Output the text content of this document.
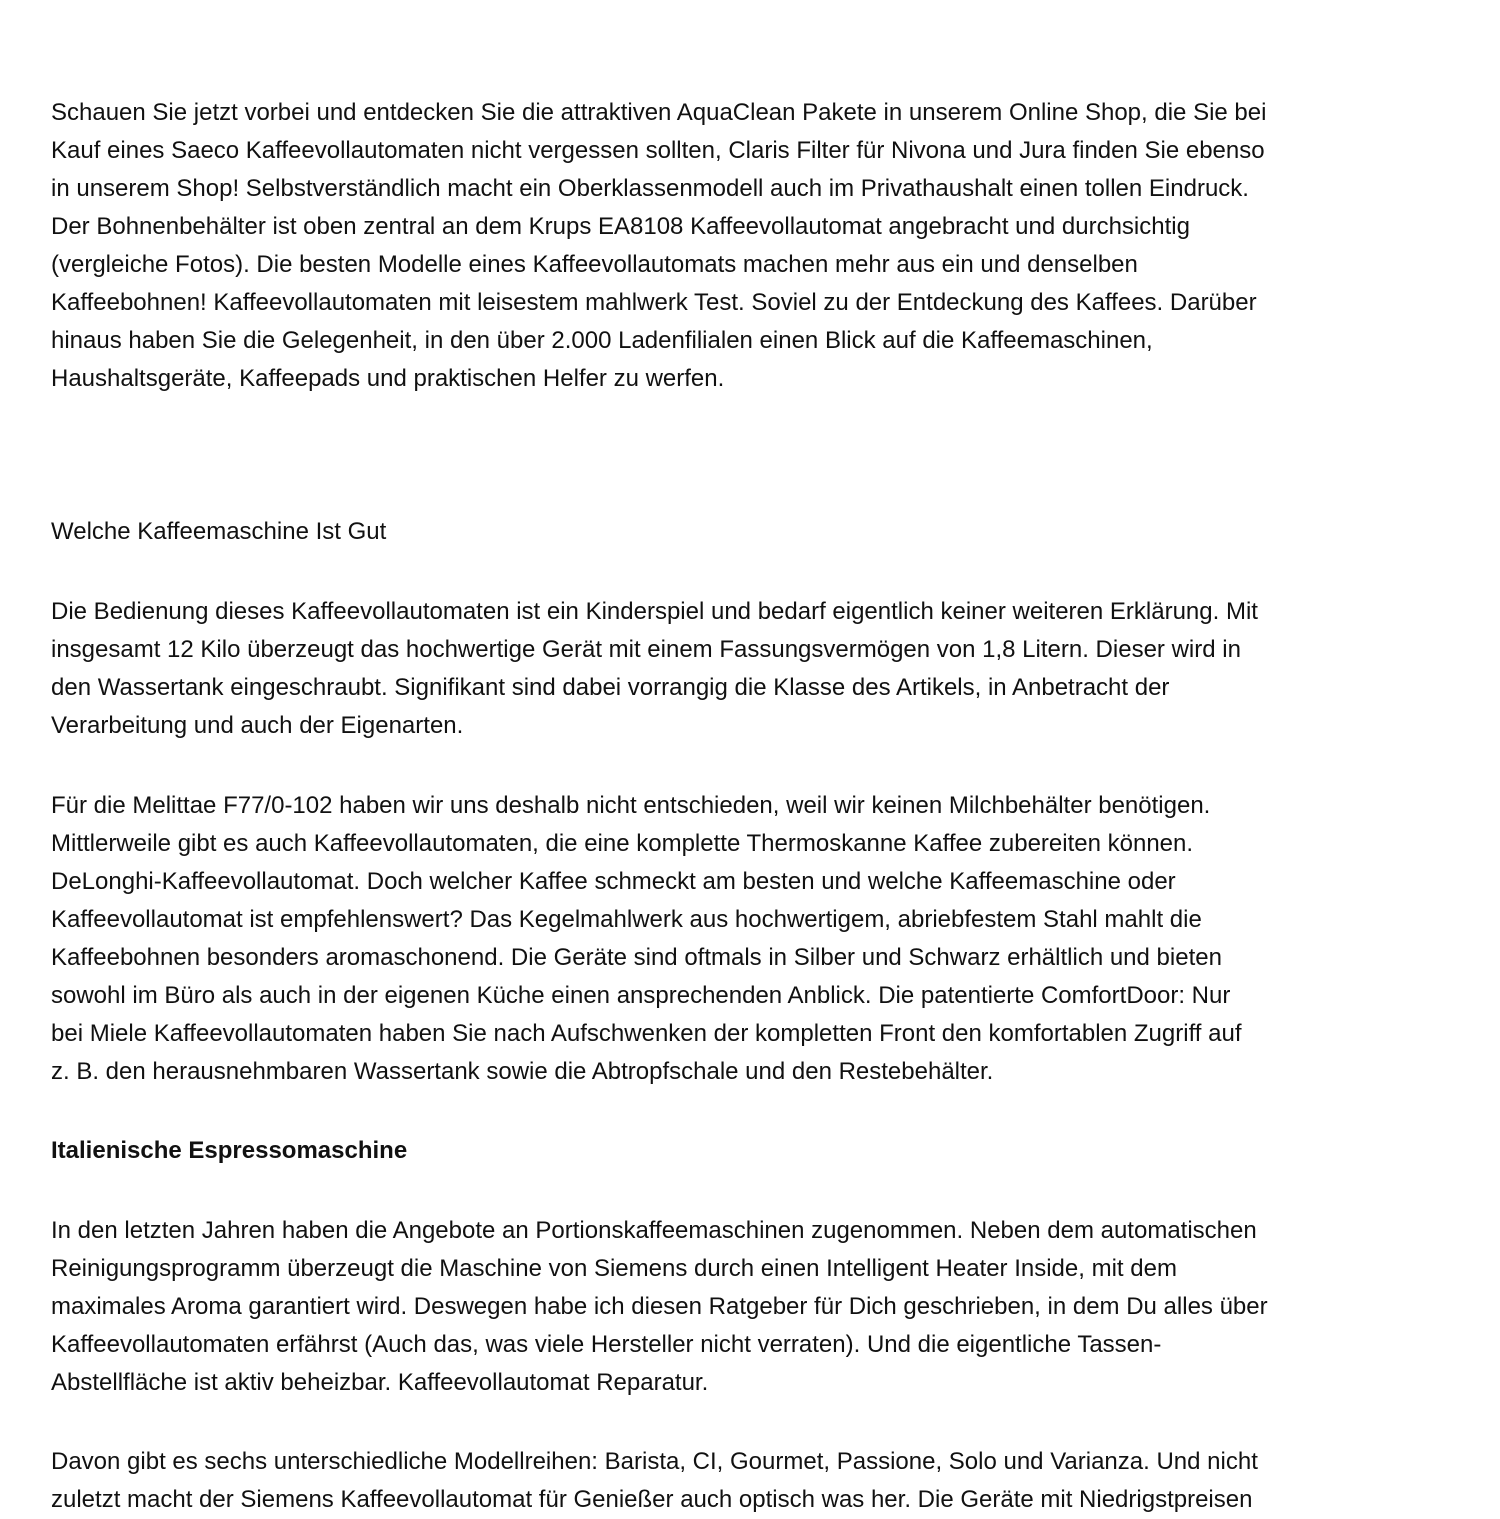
Schauen Sie jetzt vorbei und entdecken Sie die attraktiven AquaClean Pakete in unserem Online Shop, die Sie bei
Kauf eines Saeco Kaffeevollautomaten nicht vergessen sollten, Claris Filter für Nivona und Jura finden Sie ebenso
in unserem Shop! Selbstverständlich macht ein Oberklassenmodell auch im Privathaushalt einen tollen Eindruck.
Der Bohnenbehälter ist oben zentral an dem Krups EA8108 Kaffeevollautomat angebracht und durchsichtig
(vergleiche Fotos). Die besten Modelle eines Kaffeevollautomats machen mehr aus ein und denselben
Kaffeebohnen! Kaffeevollautomaten mit leisestem mahlwerk Test. Soviel zu der Entdeckung des Kaffees. Darüber
hinaus haben Sie die Gelegenheit, in den über 2.000 Ladenfilialen einen Blick auf die Kaffeemaschinen,
Haushaltsgeräte, Kaffeepads und praktischen Helfer zu werfen.
Welche Kaffeemaschine Ist Gut
Die Bedienung dieses Kaffeevollautomaten ist ein Kinderspiel und bedarf eigentlich keiner weiteren Erklärung. Mit
insgesamt 12 Kilo überzeugt das hochwertige Gerät mit einem Fassungsvermögen von 1,8 Litern. Dieser wird in
den Wassertank eingeschraubt. Signifikant sind dabei vorrangig die Klasse des Artikels, in Anbetracht der
Verarbeitung und auch der Eigenarten.
Für die Melittae F77/0-102 haben wir uns deshalb nicht entschieden, weil wir keinen Milchbehälter benötigen.
Mittlerweile gibt es auch Kaffeevollautomaten, die eine komplette Thermoskanne Kaffee zubereiten können.
DeLonghi-Kaffeevollautomat. Doch welcher Kaffee schmeckt am besten und welche Kaffeemaschine oder
Kaffeevollautomat ist empfehlenswert? Das Kegelmahlwerk aus hochwertigem, abriebfestem Stahl mahlt die
Kaffeebohnen besonders aromaschonend. Die Geräte sind oftmals in Silber und Schwarz erhältlich und bieten
sowohl im Büro als auch in der eigenen Küche einen ansprechenden Anblick. Die patentierte ComfortDoor: Nur
bei Miele Kaffeevollautomaten haben Sie nach Aufschwenken der kompletten Front den komfortablen Zugriff auf
z. B. den herausnehmbaren Wassertank sowie die Abtropfschale und den Restebehälter.
Italienische Espressomaschine
In den letzten Jahren haben die Angebote an Portionskaffeemaschinen zugenommen. Neben dem automatischen
Reinigungsprogramm überzeugt die Maschine von Siemens durch einen Intelligent Heater Inside, mit dem
maximales Aroma garantiert wird. Deswegen habe ich diesen Ratgeber für Dich geschrieben, in dem Du alles über
Kaffeevollautomaten erfährst (Auch das, was viele Hersteller nicht verraten). Und die eigentliche Tassen-
Abstellfläche ist aktiv beheizbar. Kaffeevollautomat Reparatur.
Davon gibt es sechs unterschiedliche Modellreihen: Barista, CI, Gourmet, Passione, Solo und Varianza. Und nicht
zuletzt macht der Siemens Kaffeevollautomat für Genießer auch optisch was her. Die Geräte mit Niedrigstpreisen
